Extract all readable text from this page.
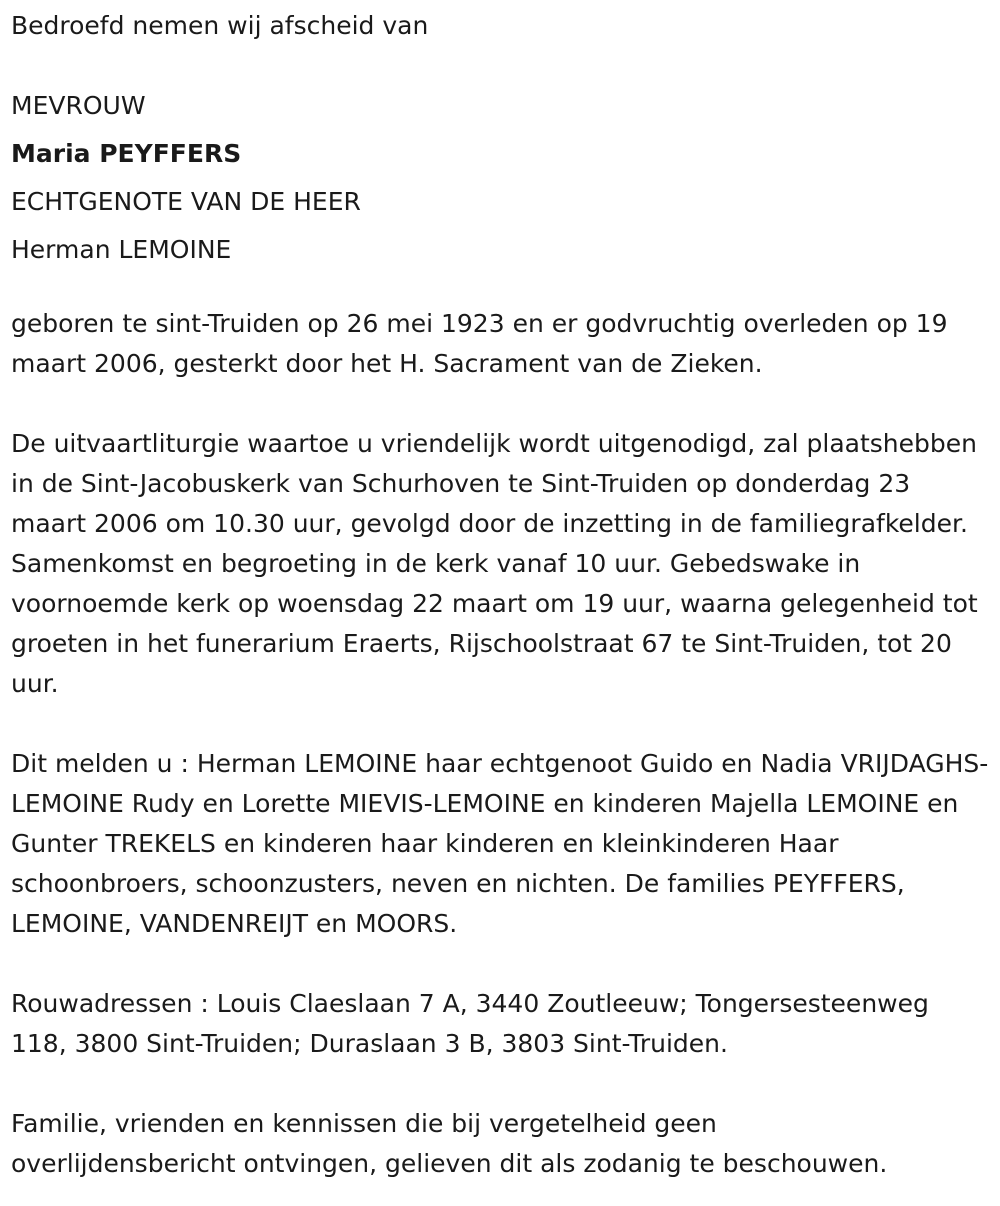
Bedroefd nemen wij afscheid van
MEVROUW
Maria PEYFFERS
ECHTGENOTE VAN DE HEER
Herman LEMOINE

geboren te sint-Truiden op 26 mei 1923 en er godvruchtig overleden op 19 maart 2006, gesterkt door het H. Sacrament van de Zieken.

De uitvaartliturgie waartoe u vriendelijk wordt uitgenodigd, zal plaatshebben in de Sint-Jacobuskerk van Schurhoven te Sint-Truiden op donderdag 23 maart 2006 om 10.30 uur, gevolgd door de inzetting in de familiegrafkelder. Samenkomst en begroeting in de kerk vanaf 10 uur. Gebedswake in voornoemde kerk op woensdag 22 maart om 19 uur, waarna gelegenheid tot groeten in het funerarium Eraerts, Rijschoolstraat 67 te Sint-Truiden, tot 20 uur.

Dit melden u : Herman LEMOINE haar echtgenoot Guido en Nadia VRIJDAGHS-LEMOINE Rudy en Lorette MIEVIS-LEMOINE en kinderen Majella LEMOINE en Gunter TREKELS en kinderen haar kinderen en kleinkinderen Haar schoonbroers, schoonzusters, neven en nichten. De families PEYFFERS, LEMOINE, VANDENREIJT en MOORS.

Rouwadressen : Louis Claeslaan 7 A, 3440 Zoutleeuw; Tongersesteenweg 118, 3800 Sint-Truiden; Duraslaan 3 B, 3803 Sint-Truiden.

Familie, vrienden en kennissen die bij vergetelheid geen
overlijdensbericht ontvingen, gelieven dit als zodanig te beschouwen.
